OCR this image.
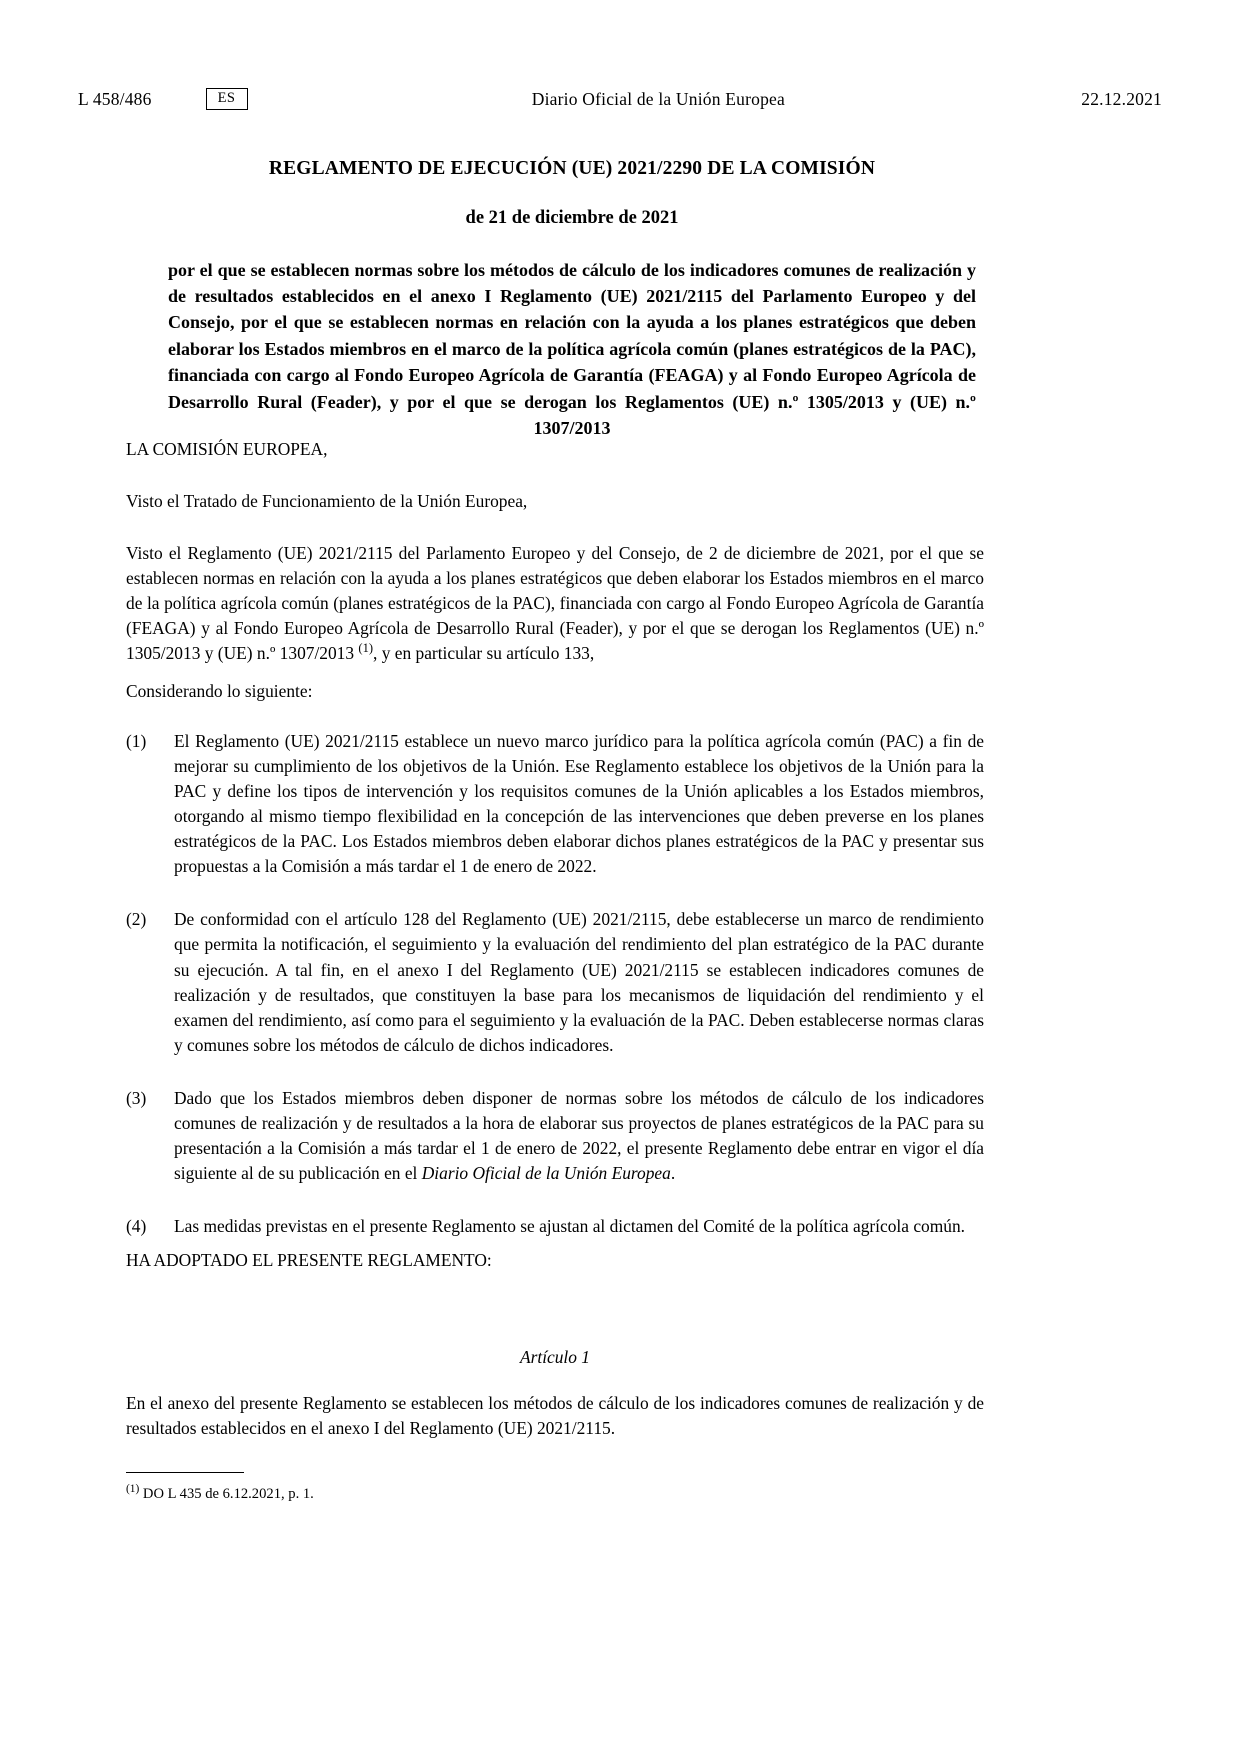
L 458/486	ES	Diario Oficial de la Unión Europea	22.12.2021
REGLAMENTO DE EJECUCIÓN (UE) 2021/2290 DE LA COMISIÓN

de 21 de diciembre de 2021

por el que se establecen normas sobre los métodos de cálculo de los indicadores comunes de realización y de resultados establecidos en el anexo I Reglamento (UE) 2021/2115 del Parlamento Europeo y del Consejo, por el que se establecen normas en relación con la ayuda a los planes estratégicos que deben elaborar los Estados miembros en el marco de la política agrícola común (planes estratégicos de la PAC), financiada con cargo al Fondo Europeo Agrícola de Garantía (FEAGA) y al Fondo Europeo Agrícola de Desarrollo Rural (Feader), y por el que se derogan los Reglamentos (UE) n.º 1305/2013 y (UE) n.º 1307/2013

LA COMISIÓN EUROPEA,

Visto el Tratado de Funcionamiento de la Unión Europea,

Visto el Reglamento (UE) 2021/2115 del Parlamento Europeo y del Consejo, de 2 de diciembre de 2021, por el que se establecen normas en relación con la ayuda a los planes estratégicos que deben elaborar los Estados miembros en el marco de la política agrícola común (planes estratégicos de la PAC), financiada con cargo al Fondo Europeo Agrícola de Garantía (FEAGA) y al Fondo Europeo Agrícola de Desarrollo Rural (Feader), y por el que se derogan los Reglamentos (UE) n.º 1305/2013 y (UE) n.º 1307/2013 $^{(1)}$, y en particular su artículo 133,

Considerando lo siguiente:

(1)	El Reglamento (UE) 2021/2115 establece un nuevo marco jurídico para la política agrícola común (PAC) a fin de mejorar su cumplimiento de los objetivos de la Unión. Ese Reglamento establece los objetivos de la Unión para la PAC y define los tipos de intervención y los requisitos comunes de la Unión aplicables a los Estados miembros, otorgando al mismo tiempo flexibilidad en la concepción de las intervenciones que deben preverse en los planes estratégicos de la PAC. Los Estados miembros deben elaborar dichos planes estratégicos de la PAC y presentar sus propuestas a la Comisión a más tardar el 1 de enero de 2022.
(2)	De conformidad con el artículo 128 del Reglamento (UE) 2021/2115, debe establecerse un marco de rendimiento que permita la notificación, el seguimiento y la evaluación del rendimiento del plan estratégico de la PAC durante su ejecución. A tal fin, en el anexo I del Reglamento (UE) 2021/2115 se establecen indicadores comunes de realización y de resultados, que constituyen la base para los mecanismos de liquidación del rendimiento y el examen del rendimiento, así como para el seguimiento y la evaluación de la PAC. Deben establecerse normas claras y comunes sobre los métodos de cálculo de dichos indicadores.
(3)	Dado que los Estados miembros deben disponer de normas sobre los métodos de cálculo de los indicadores comunes de realización y de resultados a la hora de elaborar sus proyectos de planes estratégicos de la PAC para su presentación a la Comisión a más tardar el 1 de enero de 2022, el presente Reglamento debe entrar en vigor el día siguiente al de su publicación en el Diario Oficial de la Unión Europea.
(4)	Las medidas previstas en el presente Reglamento se ajustan al dictamen del Comité de la política agrícola común.

HA ADOPTADO EL PRESENTE REGLAMENTO:

Artículo 1

En el anexo del presente Reglamento se establecen los métodos de cálculo de los indicadores comunes de realización y de resultados establecidos en el anexo I del Reglamento (UE) 2021/2115.

$^{(1)}$ DO L 435 de 6.12.2021, p. 1.
